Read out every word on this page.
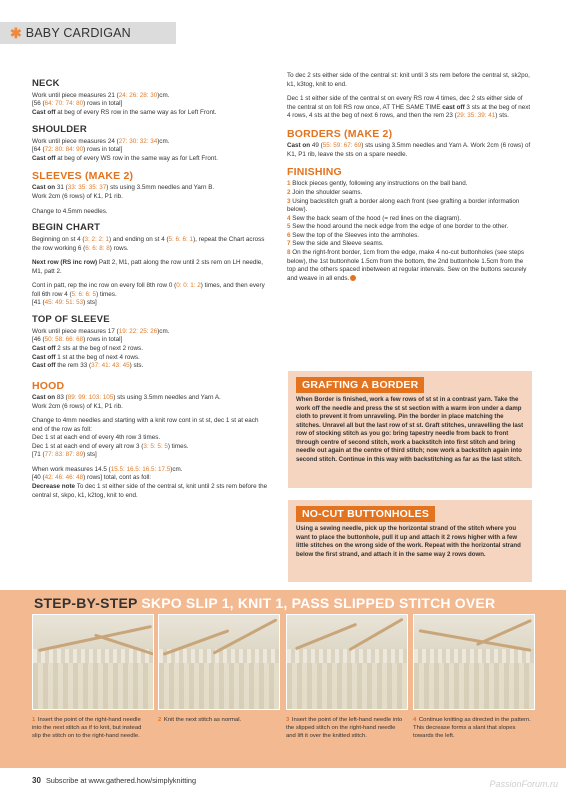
✱ BABY CARDIGAN
NECK

Work until piece measures 21 (24: 26: 28: 30)cm.

[56 (64: 70: 74: 80) rows in total]

Cast off at beg of every RS row in the same way as for Left Front.

SHOULDER

Work until piece measures 24 (27: 30: 32: 34)cm.

[64 (72: 80: 84: 90) rows in total]

Cast off at beg of every WS row in the same way as for Left Front.

SLEEVES (MAKE 2)

Cast on 31 (33: 35: 35: 37) sts using 3.5mm needles and Yarn B.

Work 2cm (6 rows) of K1, P1 rib.

Change to 4.5mm needles.

BEGIN CHART

Beginning on st 4 (3: 2: 2: 1) and ending on st 4 (5: 6: 6: 1), repeat the Chart across the row working 6 (6: 6: 8: 8) rows.

Next row (RS inc row) Patt 2, M1, patt along the row until 2 sts rem on LH needle, M1, patt 2.

Cont in patt, rep the inc row on every foll 8th row 0 (0: 0: 1: 2) times, and then every foll 6th row 4 (5: 6: 6: 5) times.

[41 (45: 49: 51: 53) sts]

TOP OF SLEEVE

Work until piece measures 17 (19: 22: 25: 26)cm.

[46 (50: 58: 66: 68) rows in total]

Cast off 2 sts at the beg of next 2 rows.

Cast off 1 st at the beg of next 4 rows.

Cast off the rem 33 (37: 41: 43: 45) sts.

HOOD

Cast on 83 (89: 99: 103: 105) sts using 3.5mm needles and Yarn A.

Work 2cm (6 rows) of K1, P1 rib.

Change to 4mm needles and starting with a knit row cont in st st, dec 1 st at each end of the row as foll:

Dec 1 st at each end of every 4th row 3 times.

Dec 1 st at each end of every alt row 3 (3: 5: 5: 5) times.

[71 (77: 83: 87: 89) sts]

When work measures 14.5 (15.5: 16.5: 16.5: 17.5)cm.

[40 (42: 46: 46: 48) rows] total, cont as foll:

Decrease note To dec 1 st either side of the central st, knit until 2 sts rem before the central st, skpo, k1, k2tog, knit to end.

To dec 2 sts either side of the central st: knit until 3 sts rem before the central st, sk2po, k1, k3tog, knit to end.

Dec 1 st either side of the central st on every RS row 4 times, dec 2 sts either side of the central st on foll RS row once, AT THE SAME TIME cast off 3 sts at the beg of next 4 rows, 4 sts at the beg of next 6 rows, and then the rem 23 (29: 35: 39: 41) sts.

BORDERS (MAKE 2)

Cast on 49 (55: 59: 67: 69) sts using 3.5mm needles and Yarn A. Work 2cm (6 rows) of K1, P1 rib, leave the sts on a spare needle.

FINISHING

1 Block pieces gently, following any instructions on the ball band.

2 Join the shoulder seams.

3 Using backstitch graft a border along each front (see grafting a border information below).

4 Sew the back seam of the hood (= red lines on the diagram).

5 Sew the hood around the neck edge from the edge of one border to the other.

6 Sew the top of the Sleeves into the armholes.

7 Sew the side and Sleeve seams.

8 On the right-front border, 1cm from the edge, make 4 no-cut buttonholes (see steps below), the 1st buttonhole 1.5cm from the bottom, the 2nd buttonhole 1.5cm from the top and the others spaced inbetween at regular intervals. Sew on the buttons securely and weave in all ends.

GRAFTING A BORDER
When Border is finished, work a few rows of st st in a contrast yarn. Take the work off the needle and press the st st section with a warm iron under a damp cloth to prevent it from unraveling. Pin the border in place matching the stitches. Unravel all but the last row of st st. Graft stitches, unravelling the last row of stocking stitch as you go: bring tapestry needle from back to front through centre of second stitch, work a backstitch into first stitch and bring needle out again at the centre of third stitch; now work a backstitch again into second stitch. Continue in this way with backstitching as far as the last stitch.
NO-CUT BUTTONHOLES
Using a sewing needle, pick up the horizontal strand of the stitch where you want to place the buttonhole, pull it up and attach it 2 rows higher with a few little stitches on the wrong side of the work. Repeat with the horizontal strand below the first strand, and attach it in the same way 2 rows down.
STEP-BY-STEP SKPO SLIP 1, KNIT 1, PASS SLIPPED STITCH OVER
1 Insert the point of the right-hand needle into the next stitch as if to knit, but instead slip the stitch on to the right-hand needle.
2 Knit the next stitch as normal.	3 Insert the point of the left-hand needle into the slipped stitch on the right-hand needle and lift it over the knitted stitch.
4 Continue knitting as directed in the pattern. This decrease forms a slant that slopes towards the left.
30 Subscribe at www.gathered.how/simplyknitting	PassionForum.ru
